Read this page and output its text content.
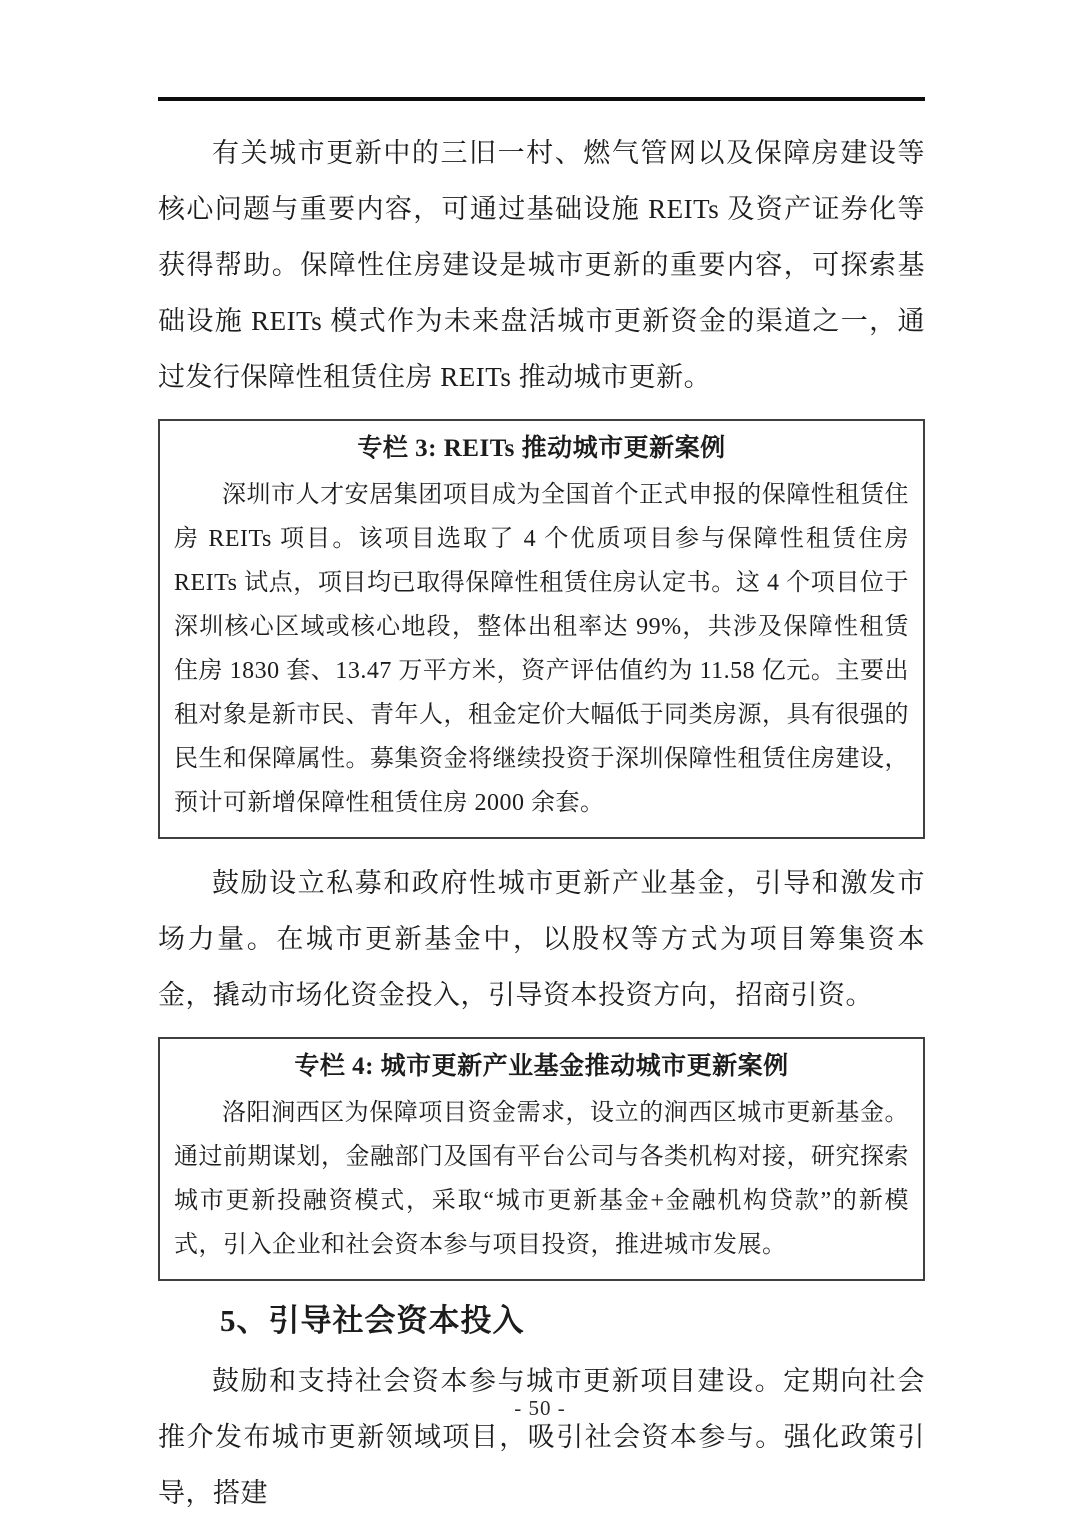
有关城市更新中的三旧一村、燃气管网以及保障房建设等核心问题与重要内容，可通过基础设施 REITs 及资产证券化等获得帮助。保障性住房建设是城市更新的重要内容，可探索基础设施 REITs 模式作为未来盘活城市更新资金的渠道之一，通过发行保障性租赁住房 REITs 推动城市更新。
专栏 3: REITs 推动城市更新案例
深圳市人才安居集团项目成为全国首个正式申报的保障性租赁住房 REITs 项目。该项目选取了 4 个优质项目参与保障性租赁住房 REITs 试点，项目均已取得保障性租赁住房认定书。这 4 个项目位于深圳核心区域或核心地段，整体出租率达 99%，共涉及保障性租赁住房 1830 套、13.47 万平方米，资产评估值约为 11.58 亿元。主要出租对象是新市民、青年人，租金定价大幅低于同类房源，具有很强的民生和保障属性。募集资金将继续投资于深圳保障性租赁住房建设，预计可新增保障性租赁住房 2000 余套。
鼓励设立私募和政府性城市更新产业基金，引导和激发市场力量。在城市更新基金中，以股权等方式为项目筹集资本金，撬动市场化资金投入，引导资本投资方向，招商引资。
专栏 4: 城市更新产业基金推动城市更新案例
洛阳涧西区为保障项目资金需求，设立的涧西区城市更新基金。通过前期谋划，金融部门及国有平台公司与各类机构对接，研究探索城市更新投融资模式，采取“城市更新基金+金融机构贷款”的新模式，引入企业和社会资本参与项目投资，推进城市发展。
5、引导社会资本投入
鼓励和支持社会资本参与城市更新项目建设。定期向社会推介发布城市更新领域项目，吸引社会资本参与。强化政策引导，搭建
- 50 -
